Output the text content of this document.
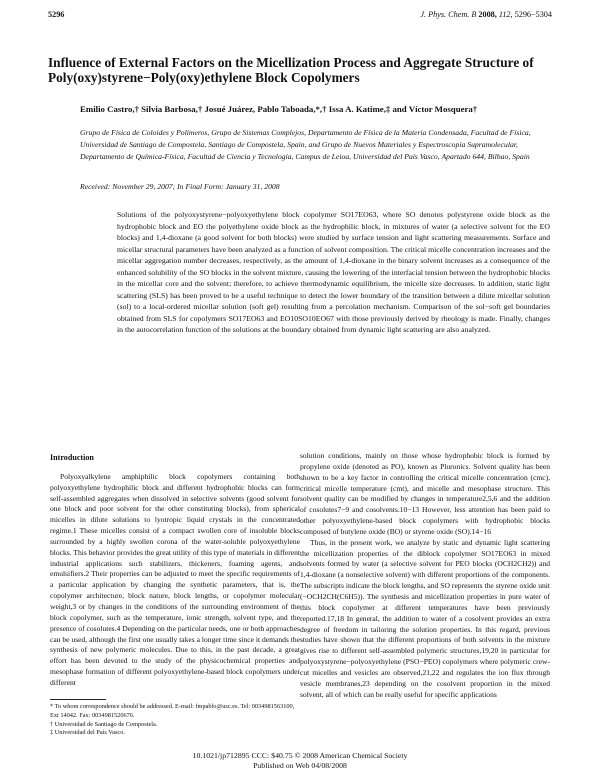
5296	J. Phys. Chem. B 2008, 112, 5296−5304
Influence of External Factors on the Micellization Process and Aggregate Structure of Poly(oxy)styrene−Poly(oxy)ethylene Block Copolymers
Emilio Castro,† Silvia Barbosa,† Josué Juárez, Pablo Taboada,*,† Issa A. Katime,‡ and Víctor Mosquera†
Grupo de Física de Coloides y Polímeros, Grupo de Sistemas Complejos, Departamento de Física de la Materia Condensada, Facultad de Física, Universidad de Santiago de Compostela, Santiago de Compostela, Spain, and Grupo de Nuevos Materiales y Espectroscopía Supramolecular, Departamento de Química-Física, Facultad de Ciencia y Tecnología, Campus de Leioa, Universidad del País Vasco, Apartado 644, Bilbao, Spain
Received: November 29, 2007; In Final Form: January 31, 2008

Solutions of the polyoxystyrene−polyoxyethylene block copolymer SO17EO63, where SO denotes polystyrene oxide block as the hydrophobic block and EO the polyethylene oxide block as the hydrophilic block, in mixtures of water (a selective solvent for the EO blocks) and 1,4-dioxane (a good solvent for both blocks) were studied by surface tension and light scattering measurements. Surface and micellar structural parameters have been analyzed as a function of solvent composition. The critical micelle concentration increases and the micellar aggregation number decreases, respectively, as the amount of 1,4-dioxane in the binary solvent increases as a consequence of the enhanced solubility of the SO blocks in the solvent mixture, causing the lowering of the interfacial tension between the hydrophobic blocks in the micellar core and the solvent; therefore, to achieve thermodynamic equilibrium, the micelle size decreases. In addition, static light scattering (SLS) has been proved to be a useful technique to detect the lower boundary of the transition between a dilute micellar solution (sol) to a local-ordered micellar solution (soft gel) resulting from a percolation mechanism. Comparison of the sol−soft gel boundaries obtained from SLS for copolymers SO17EO63 and EO10SO10EO67 with those previously derived by rheology is made. Finally, changes in the autocorrelation function of the solutions at the boundary obtained from dynamic light scattering are also analyzed.

Introduction

Polyoxyalkylene amphiphilic block copolymers containing both polyoxyethylene hydrophilic block and different hydrophobic blocks can form self-assembled aggregates when dissolved in selective solvents (good solvent for one block and poor solvent for the other constituting blocks), from spherical micelles in dilute solutions to lyotropic liquid crystals in the concentrated regime.1 These micelles consist of a compact swollen core of insoluble blocks surrounded by a highly swollen corona of the water-soluble polyoxyethylene blocks. This behavior provides the great utility of this type of materials in different industrial applications such stabilizers, thickeners, foaming agents, and emulsifiers.2 Their properties can be adjusted to meet the specific requirements of a particular application by changing the synthetic parameters, that is, the copolymer architecture, block nature, block lengths, or copolymer molecular weight,3 or by changes in the conditions of the surrounding environment of the block copolymer, such as the temperature, ionic strength, solvent type, and the presence of cosolutes.4 Depending on the particular needs, one or both approaches can be used, although the first one usually takes a longer time since it demands the synthesis of new polymeric molecules. Due to this, in the past decade, a great effort has been devoted to the study of the physicochemical properties and mesophase formation of different polyoxyethylene-based block copolymers under different

solution conditions, mainly on those whose hydrophobic block is formed by propylene oxide (denoted as PO), known as Pluronics. Solvent quality has been shown to be a key factor in controlling the critical micelle concentration (cmc), critical micelle temperature (cmt), and micelle and mesophase structure. This solvent quality can be modified by changes in temperature2,5,6 and the addition of cosolutes7−9 and cosolvents.10−13 However, less attention has been paid to other polyoxyethylene-based block copolymers with hydrophobic blocks composed of butylene oxide (BO) or styrene oxide (SO).14−16

Thus, in the present work, we analyze by static and dynamic light scattering the micellization properties of the diblock copolymer SO17EO63 in mixed solvents formed by water (a selective solvent for PEO blocks (OCH2CH2)) and 1,4-dioxane (a nonselective solvent) with different proportions of the components. The subscripts indicate the block lengths, and SO represents the styrene oxide unit (−OCH2CH(C6H5)). The synthesis and micellization properties in pure water of this block copolymer at different temperatures have been previously reported.17,18 In general, the addition to water of a cosolvent provides an extra degree of freedom in tailoring the solution properties. In this regard, previous studies have shown that the different proportions of both solvents in the mixture gives rise to different self-assembled polymeric structures,19,20 in particular for polyoxystyrene−polyoxyethylene (PSO−PEO) copolymers where polymeric crew-cut micelles and vesicles are observed,21,22 and regulates the ion flux through vesicle membranes,23 depending on the cosolvent proportion in the mixed solvent, all of which can be really useful for specific applications

* To whom correspondence should be addressed. E-mail: fmpablo@usc.es. Tel: 0034981563100, Ext 14042. Fax: 0034981520676.
† Universidad de Santiago de Compostela.
‡ Universidad del País Vasco.
10.1021/jp712895 CCC: $40.75 © 2008 American Chemical Society
Published on Web 04/08/2008
